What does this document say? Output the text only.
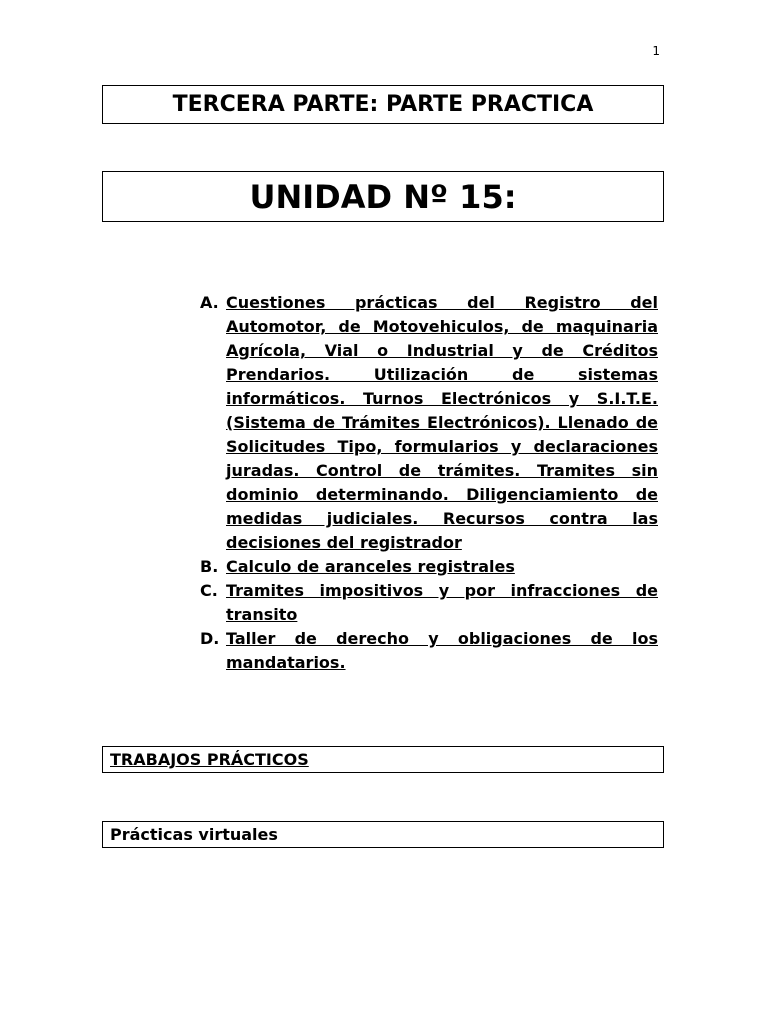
1
TERCERA PARTE: PARTE PRACTICA
UNIDAD Nº 15:
A. Cuestiones prácticas del Registro del Automotor, de Motovehiculos, de maquinaria Agrícola, Vial o Industrial y de Créditos Prendarios. Utilización de sistemas informáticos. Turnos Electrónicos y S.I.T.E. (Sistema de Trámites Electrónicos). Llenado de Solicitudes Tipo, formularios y declaraciones juradas. Control de trámites. Tramites sin dominio determinando. Diligenciamiento de medidas judiciales. Recursos contra las decisiones del registrador
B. Calculo de aranceles registrales
C. Tramites impositivos y por infracciones de transito
D. Taller de derecho y obligaciones de los mandatarios.
TRABAJOS PRÁCTICOS
Prácticas virtuales
